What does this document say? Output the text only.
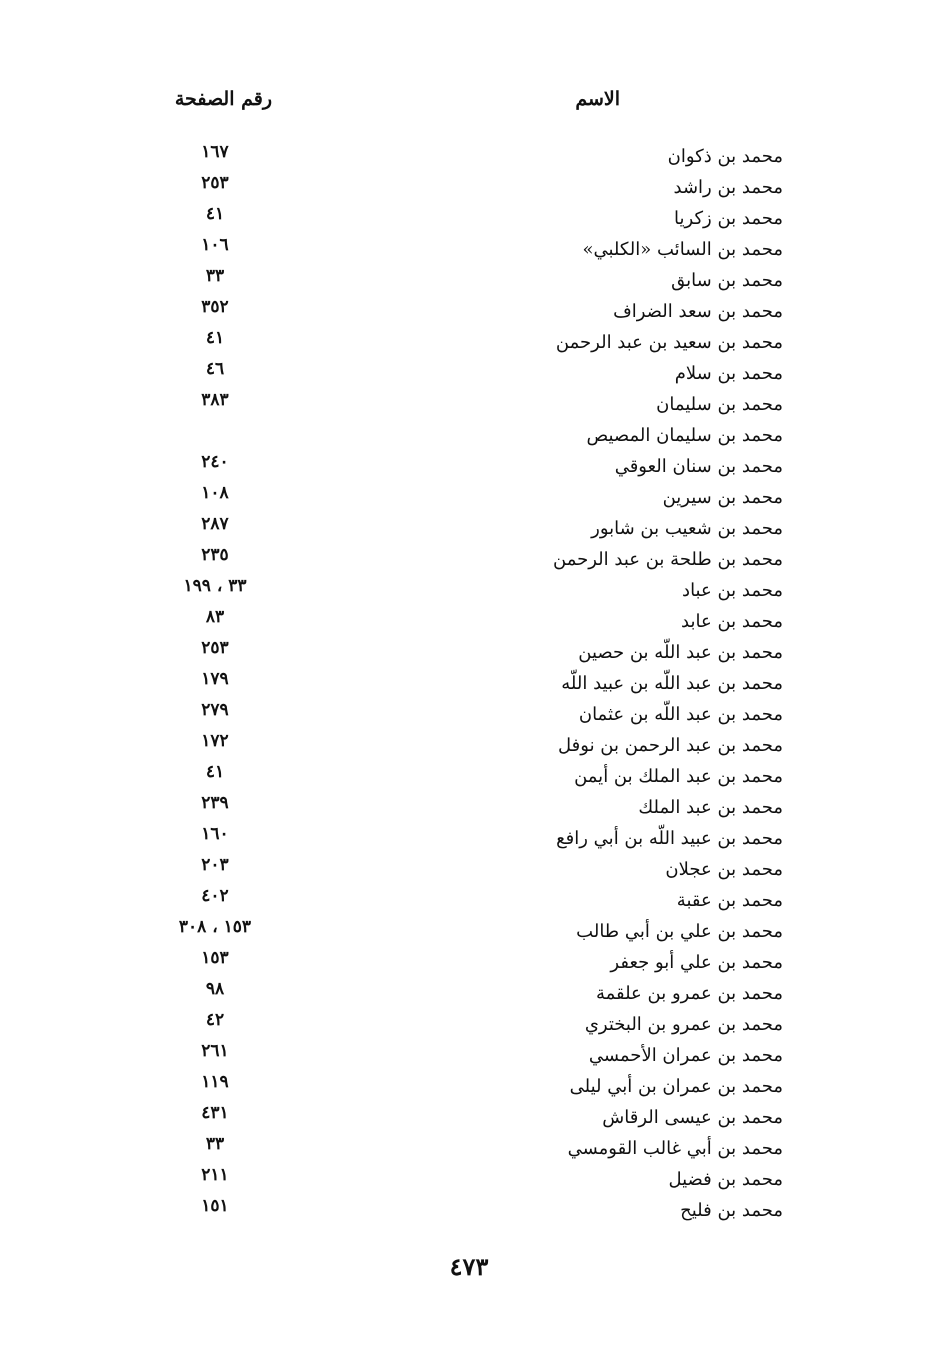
الاسم
رقم الصفحة
محمد بن ذكوان
١٦٧
محمد بن راشد
٢٥٣
محمد بن زكريا
٤١
محمد بن السائب «الكلبي»
١٠٦
محمد بن سابق
٣٣
محمد بن سعد الضراف
٣٥٢
محمد بن سعيد بن عبد الرحمن
٤١
محمد بن سلام
٤٦
محمد بن سليمان
٣٨٣
محمد بن سليمان المصيص
محمد بن سنان العوقي
٢٤٠
محمد بن سيرين
١٠٨
محمد بن شعيب بن شابور
٢٨٧
محمد بن طلحة بن عبد الرحمن
٢٣٥
محمد بن عباد
٣٣ ، ١٩٩
محمد بن عابد
٨٣
محمد بن عبد اللّه بن حصين
٢٥٣
محمد بن عبد اللّه بن عبيد اللّه
١٧٩
محمد بن عبد اللّه بن عثمان
٢٧٩
محمد بن عبد الرحمن بن نوفل
١٧٢
محمد بن عبد الملك بن أيمن
٤١
محمد بن عبد الملك
٢٣٩
محمد بن عبيد اللّه بن أبي رافع
١٦٠
محمد بن عجلان
٢٠٣
محمد بن عقبة
٤٠٢
محمد بن علي بن أبي طالب
١٥٣ ، ٣٠٨
محمد بن علي أبو جعفر
١٥٣
محمد بن عمرو بن علقمة
٩٨
محمد بن عمرو بن البختري
٤٢
محمد بن عمران الأحمسي
٢٦١
محمد بن عمران بن أبي ليلى
١١٩
محمد بن عيسى الرقاش
٤٣١
محمد بن أبي غالب القومسي
٣٣
محمد بن فضيل
٢١١
محمد بن فليح
١٥١
٤٧٣
